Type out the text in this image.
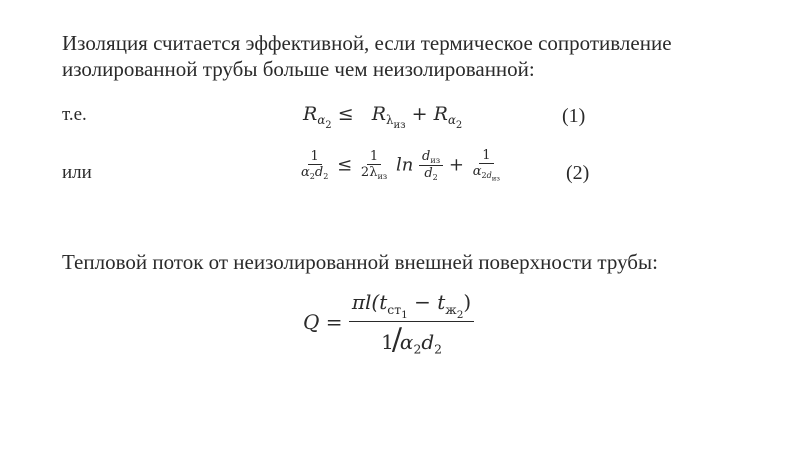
Изоляция считается эффективной, если термическое сопротивление изолированной трубы больше чем неизолированной:
т.е.	$R_{\alpha_2} \le R_{\lambda_{из}} + R_{\alpha_2}$	(1)
или	$\frac{1}{\alpha_2d_2} \le \frac{1}{2\lambda_{из}}$ $\ln \frac{d_{из}}{d_2} + \frac{1}{\alpha_{2d_{из}}}$	(2)
Тепловой поток от неизолированной внешней поверхности трубы:
$Q = \frac{\pi l(t_{ст_1} - t_{ж_2})}{1/\alpha_2d_2}$
